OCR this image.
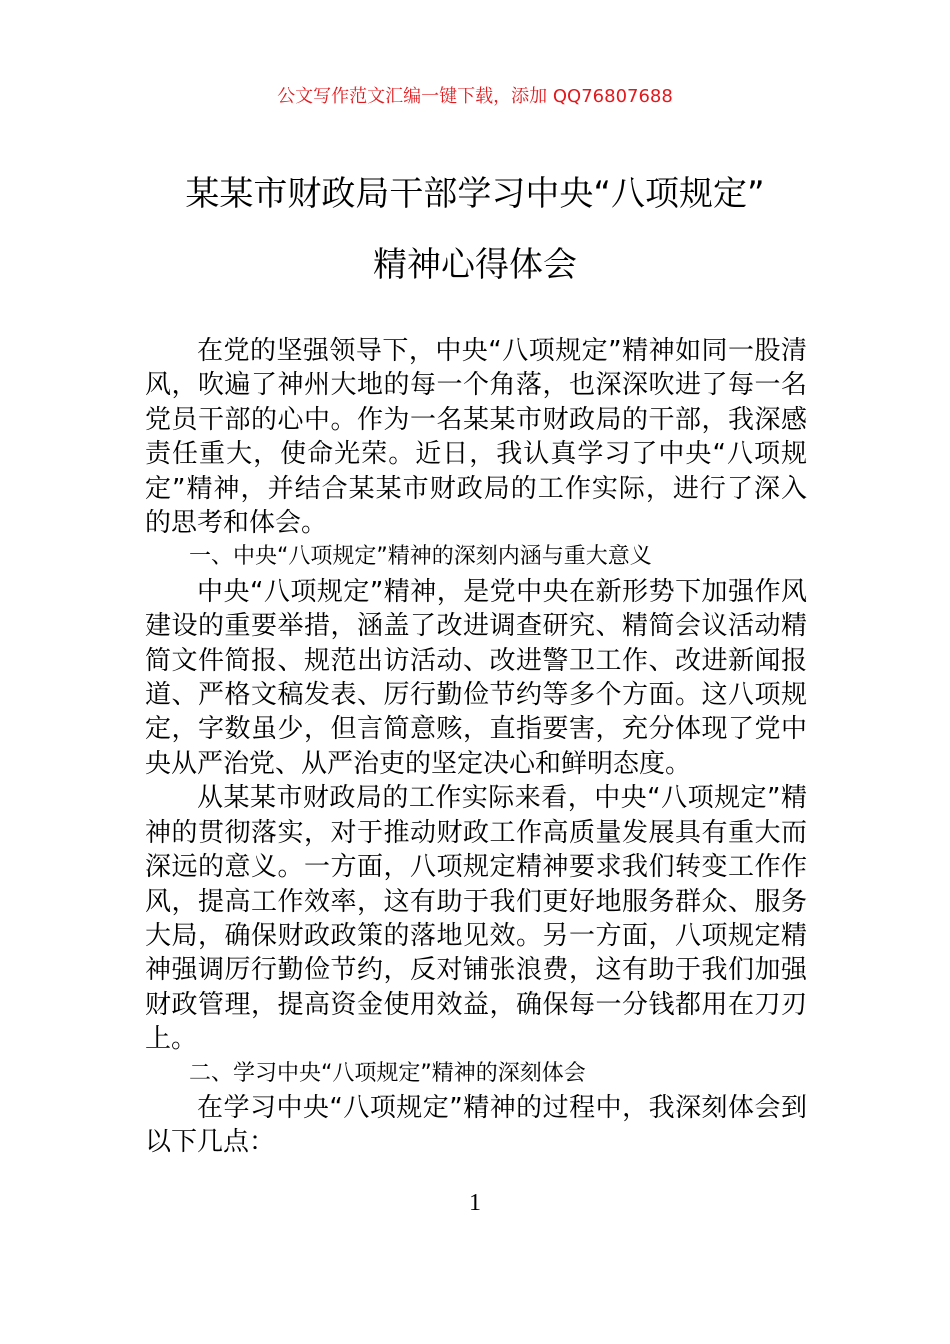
公文写作范文汇编一键下载，添加 QQ76807688
某某市财政局干部学习中央“八项规定”
精神心得体会

在党的坚强领导下，中央“八项规定”精神如同一股清风，吹遍了神州大地的每一个角落，也深深吹进了每一名党员干部的心中。作为一名某某市财政局的干部，我深感责任重大，使命光荣。近日，我认真学习了中央“八项规定”精神，并结合某某市财政局的工作实际，进行了深入的思考和体会。

一、中央“八项规定”精神的深刻内涵与重大意义

中央“八项规定”精神，是党中央在新形势下加强作风建设的重要举措，涵盖了改进调查研究、精简会议活动精简文件简报、规范出访活动、改进警卫工作、改进新闻报道、严格文稿发表、厉行勤俭节约等多个方面。这八项规定，字数虽少，但言简意赅，直指要害，充分体现了党中央从严治党、从严治吏的坚定决心和鲜明态度。

从某某市财政局的工作实际来看，中央“八项规定”精神的贯彻落实，对于推动财政工作高质量发展具有重大而深远的意义。一方面，八项规定精神要求我们转变工作作风，提高工作效率，这有助于我们更好地服务群众、服务大局，确保财政政策的落地见效。另一方面，八项规定精神强调厉行勤俭节约，反对铺张浪费，这有助于我们加强财政管理，提高资金使用效益，确保每一分钱都用在刀刃上。

二、学习中央“八项规定”精神的深刻体会

在学习中央“八项规定”精神的过程中，我深刻体会到以下几点：

1
